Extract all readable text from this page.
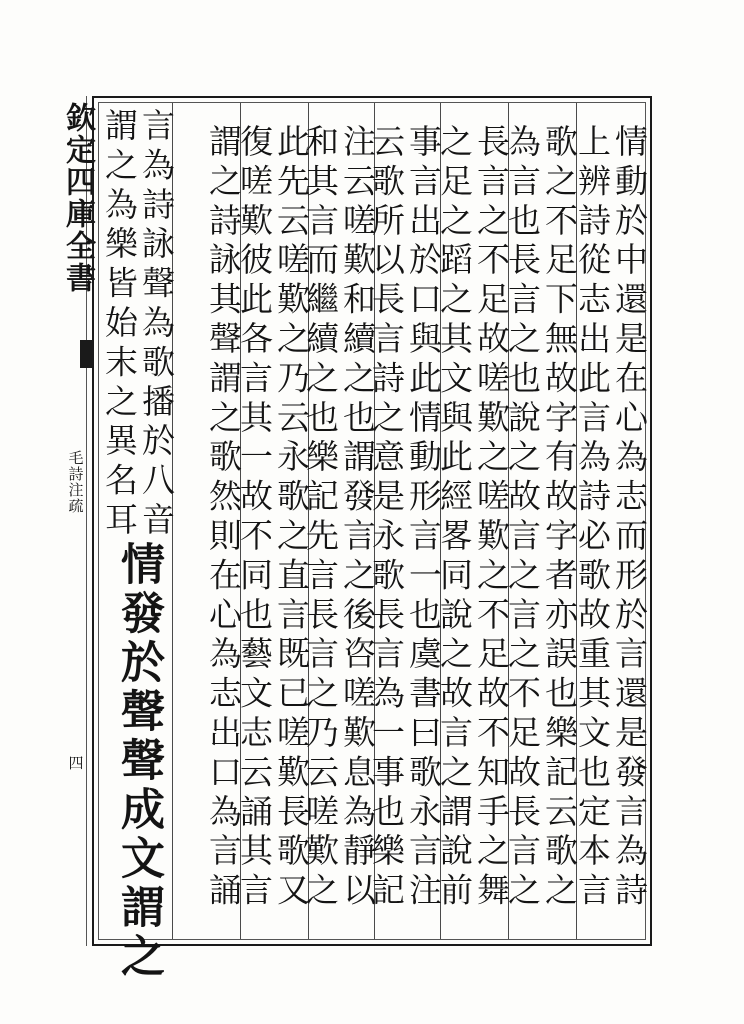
欽定四庫全書
毛詩注疏
四	情動於中還是在心為志而形於言還是發言為詩
上辨詩從志出此言為詩必歌故重其文也定本言
歌之不足下無故字有故字者亦誤也樂記云歌之
為言也長言之也說之故言之言之不足故長言之
長言之不足故嗟歎之嗟歎之不足故不知手之舞
之足之蹈之其文與此經畧同說之故言之謂說前
事言出於口與此情動形言一也虞書曰歌永言注
云歌所以長言詩之意是永歌長言為一事也樂記
注云嗟歎和續之也謂發言之後咨嗟歎息為靜以
和其言而繼續之也樂記先言長言之乃云嗟歎之
此先云嗟歎之乃云永歌之直言既已嗟歎長歌又
復嗟歎彼此各言其一故不同也藝文志云誦其言
謂之詩詠其聲謂之歌然則在心為志出口為言誦
言為詩詠聲為歌播於八音
謂之為樂皆始末之異名耳
情發於聲聲成文謂之
